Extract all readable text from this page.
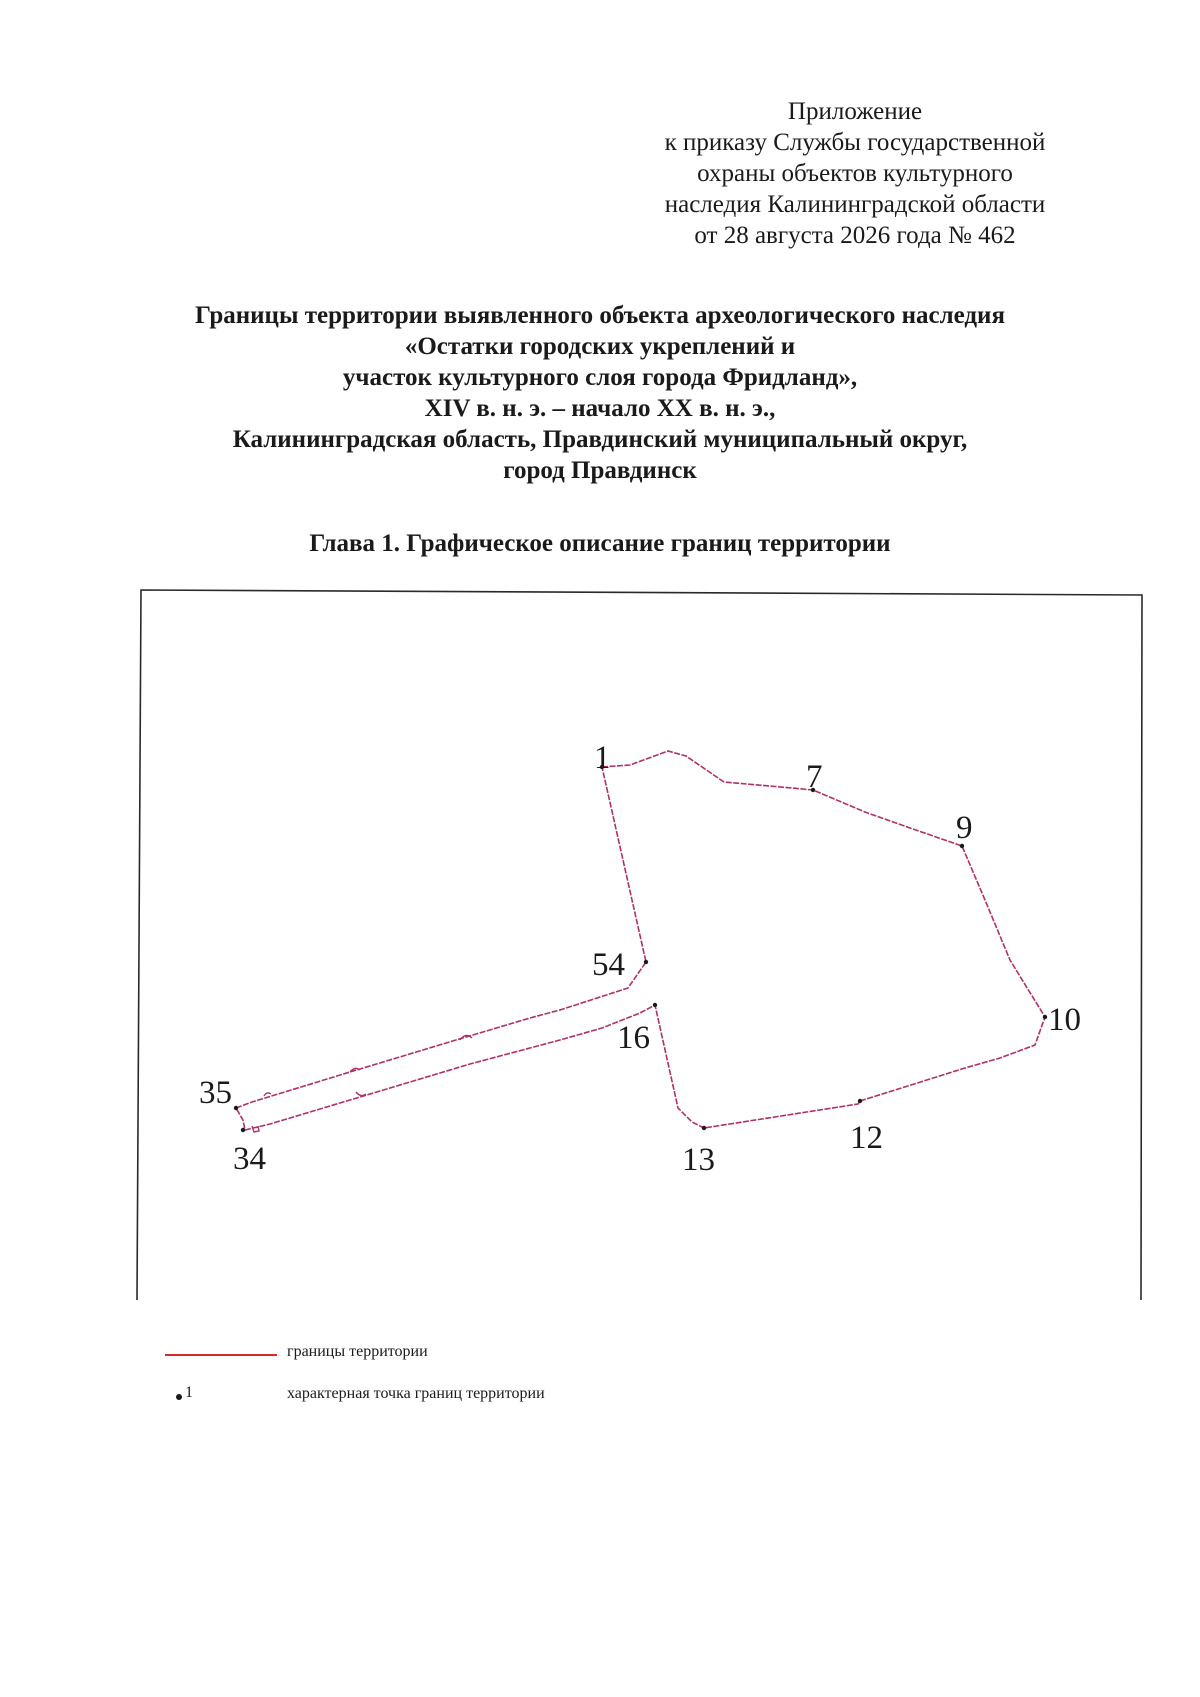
Приложение
к приказу Службы государственной
охраны объектов культурного
наследия Калининградской области
от 28 августа 2026 года № 462
Границы территории выявленного объекта археологического наследия
«Остатки городских укреплений и
участок культурного слоя города Фридланд»,
XIV в. н. э. – начало XX в. н. э.,
Калининградская область, Правдинский муниципальный округ,
город Правдинск
Глава 1. Графическое описание границ территории
1
7
9
10
12
13
16
54
35
34
границы территории
1	характерная точка границ территории
